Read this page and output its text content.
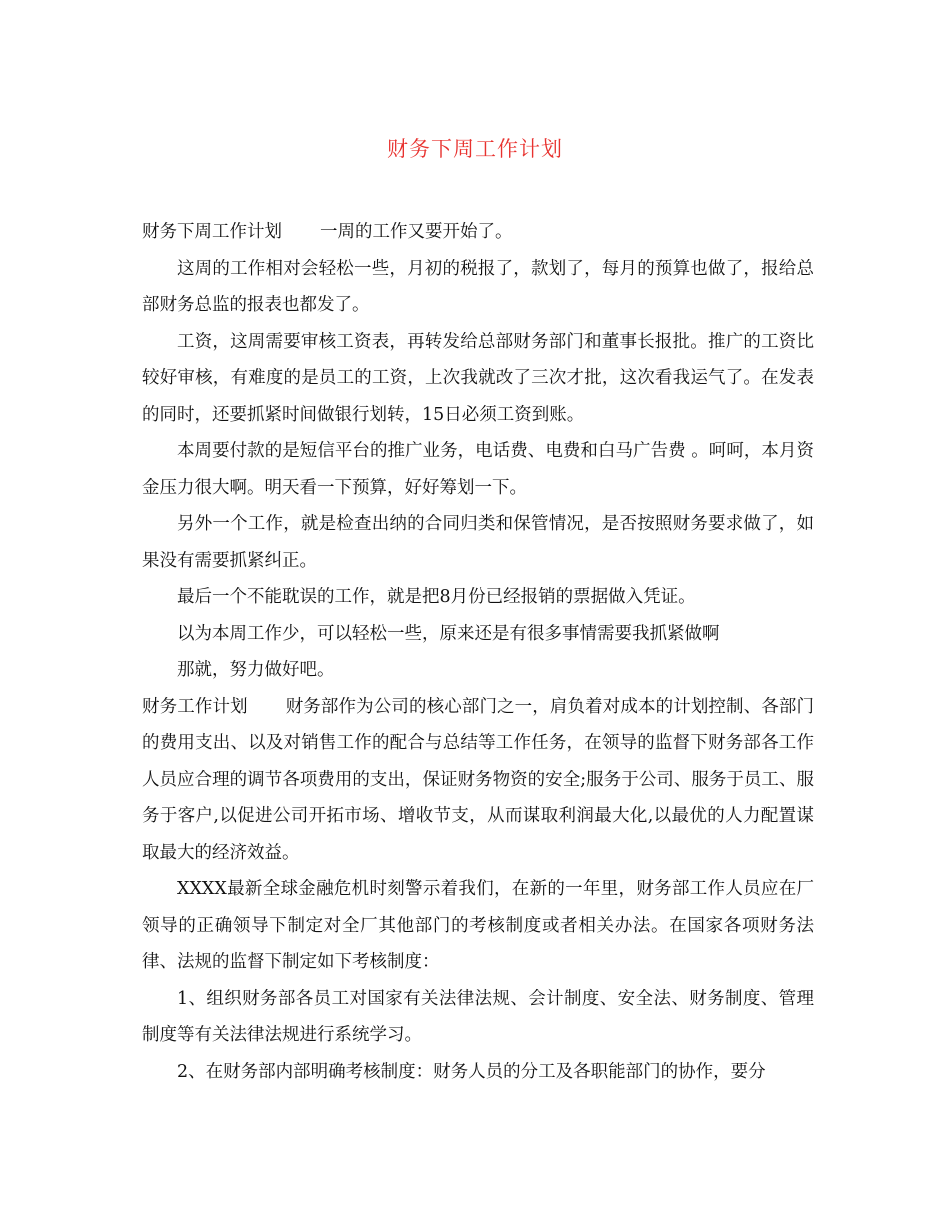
财务下周工作计划

财务下周工作计划 一周的工作又要开始了。

这周的工作相对会轻松一些，月初的税报了，款划了，每月的预算也做了，报给总部财务总监的报表也都发了。

工资，这周需要审核工资表，再转发给总部财务部门和董事长报批。推广的工资比较好审核，有难度的是员工的工资，上次我就改了三次才批，这次看我运气了。在发表的同时，还要抓紧时间做银行划转，15日必须工资到账。

本周要付款的是短信平台的推广业务，电话费、电费和白马广告费 。呵呵，本月资金压力很大啊。明天看一下预算，好好筹划一下。

另外一个工作，就是检查出纳的合同归类和保管情况，是否按照财务要求做了，如果没有需要抓紧纠正。

最后一个不能耽误的工作，就是把8月份已经报销的票据做入凭证。

以为本周工作少，可以轻松一些，原来还是有很多事情需要我抓紧做啊

那就，努力做好吧。

财务工作计划 财务部作为公司的核心部门之一，肩负着对成本的计划控制、各部门的费用支出、以及对销售工作的配合与总结等工作任务，在领导的监督下财务部各工作人员应合理的调节各项费用的支出，保证财务物资的安全;服务于公司、服务于员工、服务于客户,以促进公司开拓市场、增收节支，从而谋取利润最大化,以最优的人力配置谋取最大的经济效益。

XXXX最新全球金融危机时刻警示着我们，在新的一年里，财务部工作人员应在厂领导的正确领导下制定对全厂其他部门的考核制度或者相关办法。在国家各项财务法律、法规的监督下制定如下考核制度：

1、组织财务部各员工对国家有关法律法规、会计制度、安全法、财务制度、管理制度等有关法律法规进行系统学习。

2、在财务部内部明确考核制度：财务人员的分工及各职能部门的协作，要分
